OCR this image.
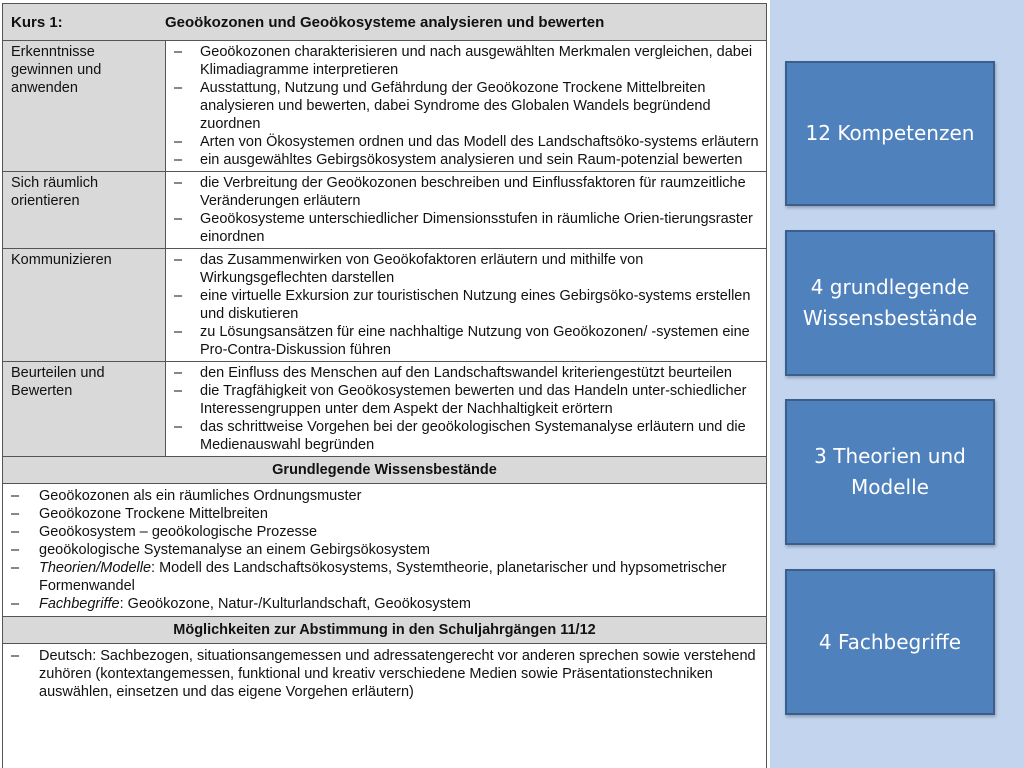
Kurs 1:	Geoökozonen und Geoökosysteme analysieren und bewerten
Erkenntnisse gewinnen und anwenden
– Geoökozonen charakterisieren und nach ausgewählten Merkmalen vergleichen, dabei Klimadiagramme interpretieren
– Ausstattung, Nutzung und Gefährdung der Geoökozone Trockene Mittelbreiten analysieren und bewerten, dabei Syndrome des Globalen Wandels begründend zuordnen
– Arten von Ökosystemen ordnen und das Modell des Landschaftsöko-systems erläutern
– ein ausgewähltes Gebirgsökosystem analysieren und sein Raum-potenzial bewerten
Sich räumlich orientieren
– die Verbreitung der Geoökozonen beschreiben und Einflussfaktoren für raumzeitliche Veränderungen erläutern
– Geoökosysteme unterschiedlicher Dimensionsstufen in räumliche Orien-tierungsraster einordnen
Kommunizieren
–	das Zusammenwirken von Geoökofaktoren erläutern und mithilfe von Wirkungsgeflechten darstellen
– eine virtuelle Exkursion zur touristischen Nutzung eines Gebirgsöko-systems erstellen und diskutieren
– zu Lösungsansätzen für eine nachhaltige Nutzung von Geoökozonen/ -systemen eine Pro-Contra-Diskussion führen
Beurteilen und Bewerten
– den Einfluss des Menschen auf den Landschaftswandel kriteriengestützt beurteilen
– die Tragfähigkeit von Geoökosystemen bewerten und das Handeln unter-schiedlicher Interessengruppen unter dem Aspekt der Nachhaltigkeit erörtern
– das schrittweise Vorgehen bei der geoökologischen Systemanalyse erläutern und die Medienauswahl begründen
Grundlegende Wissensbestände
– Geoökozonen als ein räumliches Ordnungsmuster
– Geoökozone Trockene Mittelbreiten
– Geoökosystem – geoökologische Prozesse
– geoökologische Systemanalyse an einem Gebirgsökosystem
– Theorien/Modelle: Modell des Landschaftsökosystems, Systemtheorie, planetarischer und hypsometrischer Formenwandel
– Fachbegriffe: Geoökozone, Natur-/Kulturlandschaft, Geoökosystem
Möglichkeiten zur Abstimmung in den Schuljahrgängen 11/12
– Deutsch: Sachbezogen, situationsangemessen und adressatengerecht vor anderen sprechen sowie verstehend zuhören (kontextangemessen, funktional und kreativ verschiedene Medien sowie Präsentationstechniken auswählen, einsetzen und das eigene Vorgehen erläutern)
12 Kompetenzen
4 grundlegende Wissensbestände
3 Theorien und Modelle
4 Fachbegriffe
